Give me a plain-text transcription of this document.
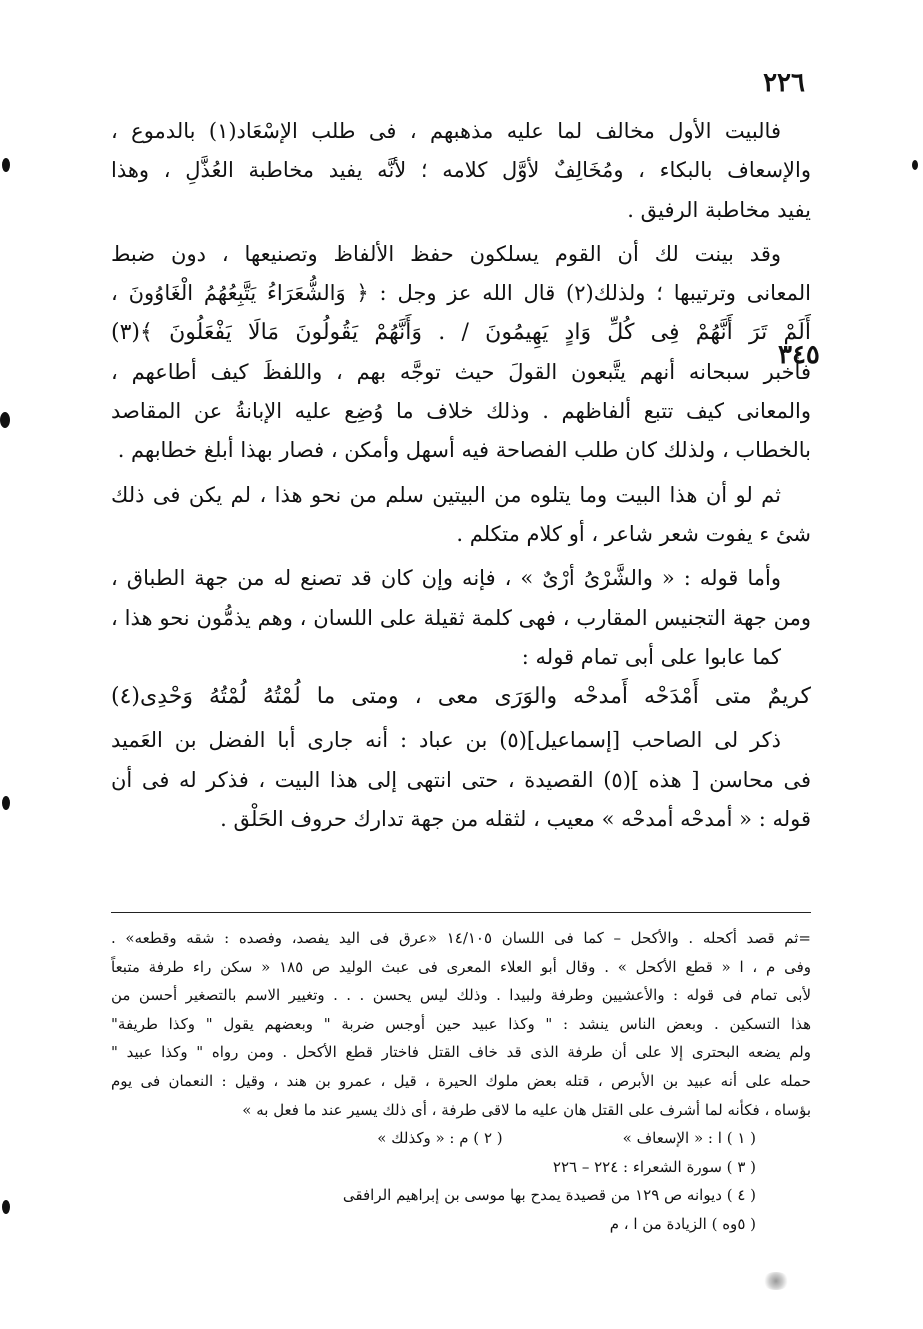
٢٢٦

فالبيت الأول مخالف لما عليه مذهبهم ، فى طلب الإسْعَاد(١) بالدموع ،
والإسعاف بالبكاء ، ومُخَالِفٌ لأوَّل كلامه ؛ لأنَّه يفيد مخاطبة العُذَّلِ ، وهذا
يفيد مخاطبة الرفيق .

وقد بينت لك أن القوم يسلكون حفظ الألفاظ وتصنيعها ، دون ضبط
المعانى وترتيبها ؛ ولذلك(٢) قال الله عز وجل : ﴿ وَالشُّعَرَاءُ يَتَّبِعُهُمُ الْغَاوُونَ ،
أَلَمْ تَرَ أَنَّهُمْ فِى كُلِّ وَادٍ يَهِيمُونَ / . وَأَنَّهُمْ يَقُولُونَ مَالَا يَفْعَلُونَ ﴾(٣)
فأخبر سبحانه أنهم يتَّبعون القولَ حيث توجَّه بهم ، واللفظَ كيف أطاعهم ،
والمعانى كيف تتبع ألفاظهم . وذلك خلاف ما وُضِع عليه الإبانةُ عن المقاصد
بالخطاب ، ولذلك كان طلب الفصاحة فيه أسهل وأمكن ، فصار بهذا أبلغ خطابهم .

ثم لو أن هذا البيت وما يتلوه من البيتين سلم من نحو هذا ، لم يكن فى ذلك
شئ ء يفوت شعر شاعر ، أو كلام متكلم .

وأما قوله : « والشَّرْىُ أرْىٌ » ، فإنه وإن كان قد تصنع له من جهة الطباق ،
ومن جهة التجنيس المقارب ، فهى كلمة ثقيلة على اللسان ، وهم يذمُّون نحو هذا ،
كما عابوا على أبى تمام قوله :
كريمٌ متى أَمْدَحْه أَمدحْه والوَرَى معى ، ومتى ما لُمْتُهُ لُمْتُهُ وَحْدِى(٤)

ذكر لى الصاحب [إسماعيل](٥) بن عباد : أنه جارى أبا الفضل بن العَميد
فى محاسن [ هذه ](٥) القصيدة ، حتى انتهى إلى هذا البيت ، فذكر له فى أن
قوله : « أمدحْه أمدحْه » معيب ، لثقله من جهة تدارك حروف الحَلْق .

٣٤٥
=ثم قصد أكحله . والأكحل – كما فى اللسان ١٤/١٠٥ «عرق فى اليد يفصد، وفصده : شقه وقطعه» .
وفى م ، ا « قطع الأكحل » . وقال أبو العلاء المعرى فى عبث الوليد ص ١٨٥ « سكن راء طرفة متبعاً
لأبى تمام فى قوله : والأعشيين وطرفة ولبيدا . وذلك ليس يحسن . . . وتغيير الاسم بالتصغير أحسن من
هذا التسكين . وبعض الناس ينشد : " وكذا عبيد حين أوجس ضربة " وبعضهم يقول " وكذا طريفة"
ولم يضعه البحترى إلا على أن طرفة الذى قد خاف القتل فاختار قطع الأكحل . ومن رواه " وكذا عبيد "
حمله على أنه عبيد بن الأبرص ، قتله بعض ملوك الحيرة ، قيل ، عمرو بن هند ، وقيل : النعمان فى يوم
بؤساه ، فكأنه لما أشرف على القتل هان عليه ما لاقى طرفة ، أى ذلك يسير عند ما فعل به »
( ١ ) ا : « الإسعاف »
( ٢ ) م : « وكذلك »
( ٣ ) سورة الشعراء : ٢٢٤ – ٢٢٦
( ٤ ) ديوانه ص ١٢٩ من قصيدة يمدح بها موسى بن إبراهيم الرافقى
( ٥وه ) الزيادة من ا ، م
